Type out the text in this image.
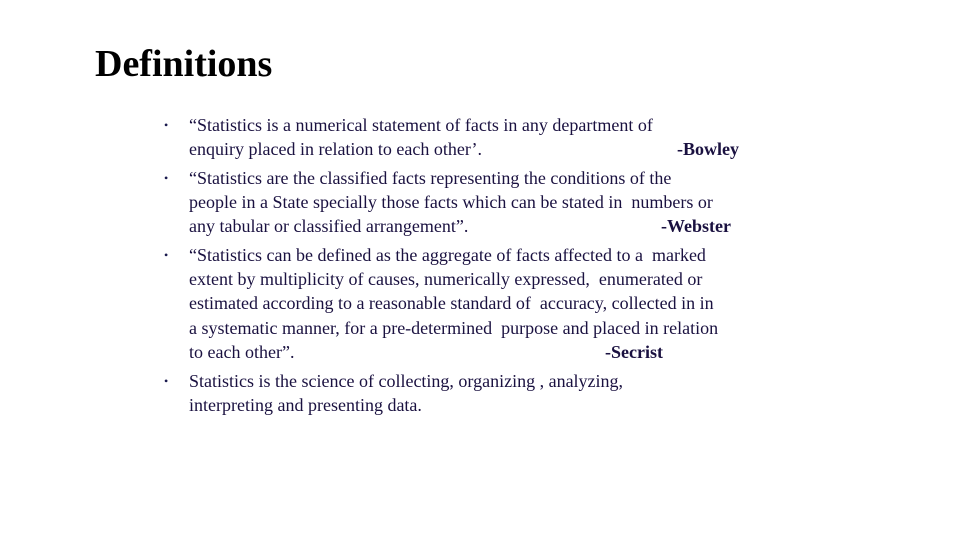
Definitions
• “Statistics is a numerical statement of facts in any department of
enquiry placed in relation to each other’.	-Bowley
• “Statistics are the classified facts representing the conditions of the
people in a State specially those facts which can be stated in  numbers or
any tabular or classified arrangement”.	-Webster
• “Statistics can be defined as the aggregate of facts affected to a  marked
extent by multiplicity of causes, numerically expressed,  enumerated or
estimated according to a reasonable standard of  accuracy, collected in in
a systematic manner, for a pre-determined  purpose and placed in relation
to each other”.	-Secrist
• Statistics is the science of collecting, organizing , analyzing,
interpreting and presenting data.
